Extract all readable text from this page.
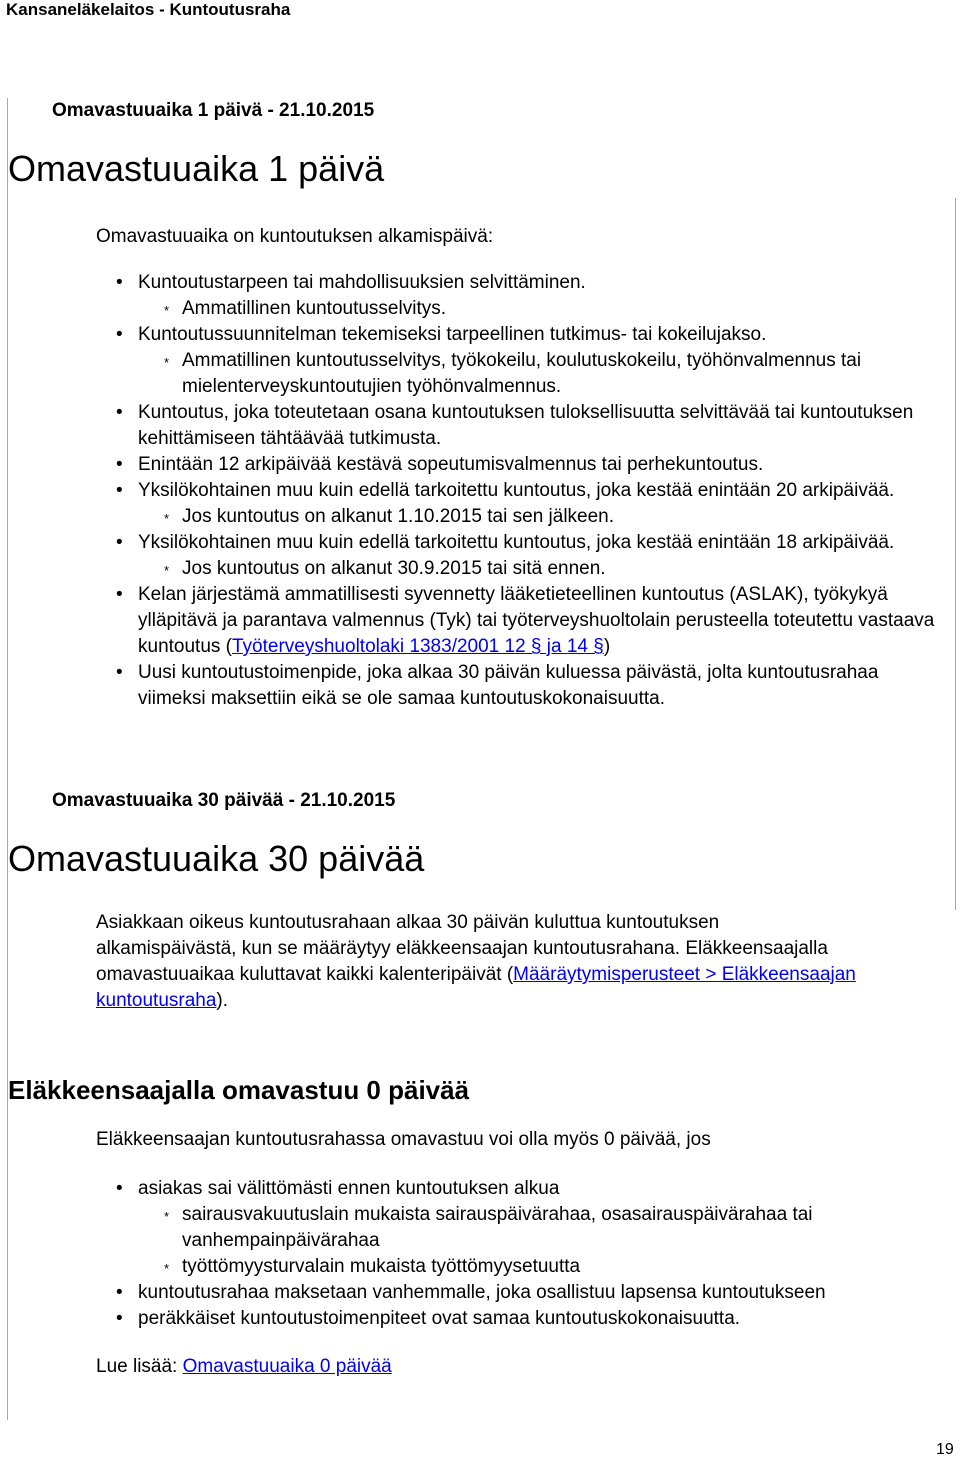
Kansaneläkelaitos - Kuntoutusraha
Omavastuuaika 1 päivä - 21.10.2015
Omavastuuaika 1 päivä
Omavastuuaika on kuntoutuksen alkamispäivä:
• Kuntoutustarpeen tai mahdollisuuksien selvittäminen.
* Ammatillinen kuntoutusselvitys.
• Kuntoutussuunnitelman tekemiseksi tarpeellinen tutkimus- tai kokeilujakso.
* Ammatillinen kuntoutusselvitys, työkokeilu, koulutuskokeilu, työhönvalmennus tai mielenterveyskuntoutujien työhönvalmennus.
• Kuntoutus, joka toteutetaan osana kuntoutuksen tuloksellisuutta selvittävää tai kuntoutuksen kehittämiseen tähtäävää tutkimusta.
• Enintään 12 arkipäivää kestävä sopeutumisvalmennus tai perhekuntoutus.
• Yksilökohtainen muu kuin edellä tarkoitettu kuntoutus, joka kestää enintään 20 arkipäivää.
* Jos kuntoutus on alkanut 1.10.2015 tai sen jälkeen.
• Yksilökohtainen muu kuin edellä tarkoitettu kuntoutus, joka kestää enintään 18 arkipäivää.
* Jos kuntoutus on alkanut 30.9.2015 tai sitä ennen.
• Kelan järjestämä ammatillisesti syvennetty lääketieteellinen kuntoutus (ASLAK), työkykyä ylläpitävä ja parantava valmennus (Tyk) tai työterveyshuoltolain perusteella toteutettu vastaava kuntoutus (Työterveyshuoltolaki 1383/2001 12 § ja 14 §)
• Uusi kuntoutustoimenpide, joka alkaa 30 päivän kuluessa päivästä, jolta kuntoutusrahaa viimeksi maksettiin eikä se ole samaa kuntoutuskokonaisuutta.
Omavastuuaika 30 päivää - 21.10.2015
Omavastuuaika 30 päivää

Asiakkaan oikeus kuntoutusrahaan alkaa 30 päivän kuluttua kuntoutuksen alkamispäivästä, kun se määräytyy eläkkeensaajan kuntoutusrahana. Eläkkeensaajalla omavastuuaikaa kuluttavat kaikki kalenteripäivät (Määräytymisperusteet > Eläkkeensaajan kuntoutusraha).

Eläkkeensaajalla omavastuu 0 päivää
Eläkkeensaajan kuntoutusrahassa omavastuu voi olla myös 0 päivää, jos
• asiakas sai välittömästi ennen kuntoutuksen alkua
* sairausvakuutuslain mukaista sairauspäivärahaa, osasairauspäivärahaa tai vanhempainpäivärahaa
* työttömyysturvalain mukaista työttömyysetuutta
• kuntoutusrahaa maksetaan vanhemmalle, joka osallistuu lapsensa kuntoutukseen
• peräkkäiset kuntoutustoimenpiteet ovat samaa kuntoutuskokonaisuutta.
Lue lisää: Omavastuuaika 0 päivää
19
